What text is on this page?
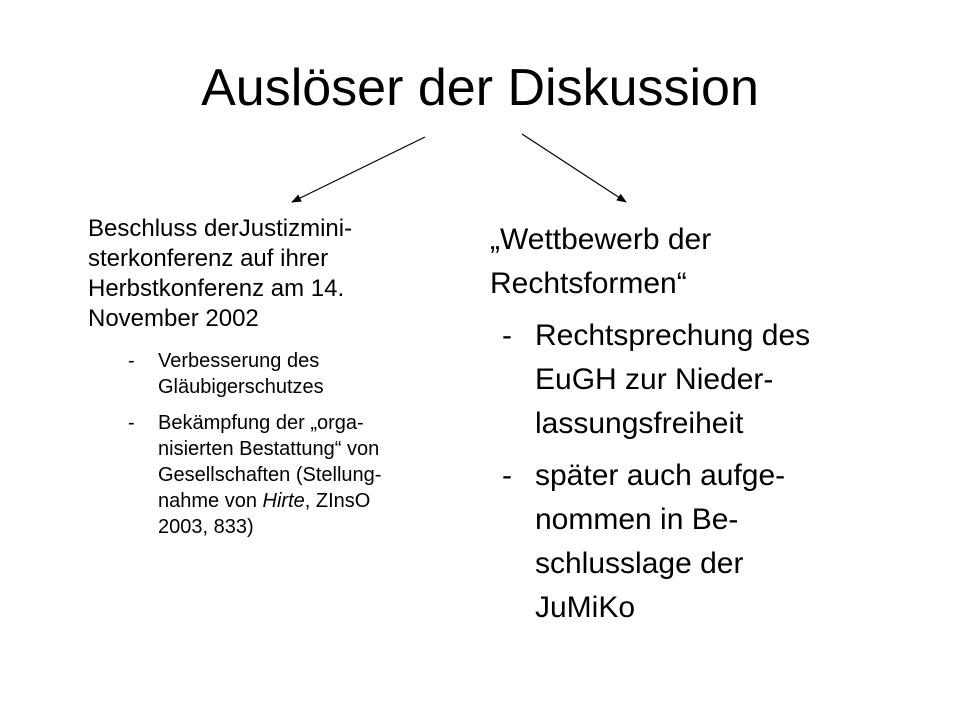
Auslöser der Diskussion
Beschluss derJustizmini-
sterkonferenz auf ihrer
Herbstkonferenz am 14.
November 2002
- Verbesserung des
Gläubigerschutzes
- Bekämpfung der „orga-
nisierten Bestattung“ von
Gesellschaften (Stellung-
nahme von Hirte, ZInsO
2003, 833)
„Wettbewerb der
Rechtsformen“
- Rechtsprechung des
EuGH zur Nieder-
lassungsfreiheit
- später auch aufge-
nommen in Be-
schlusslage der
JuMiKo
